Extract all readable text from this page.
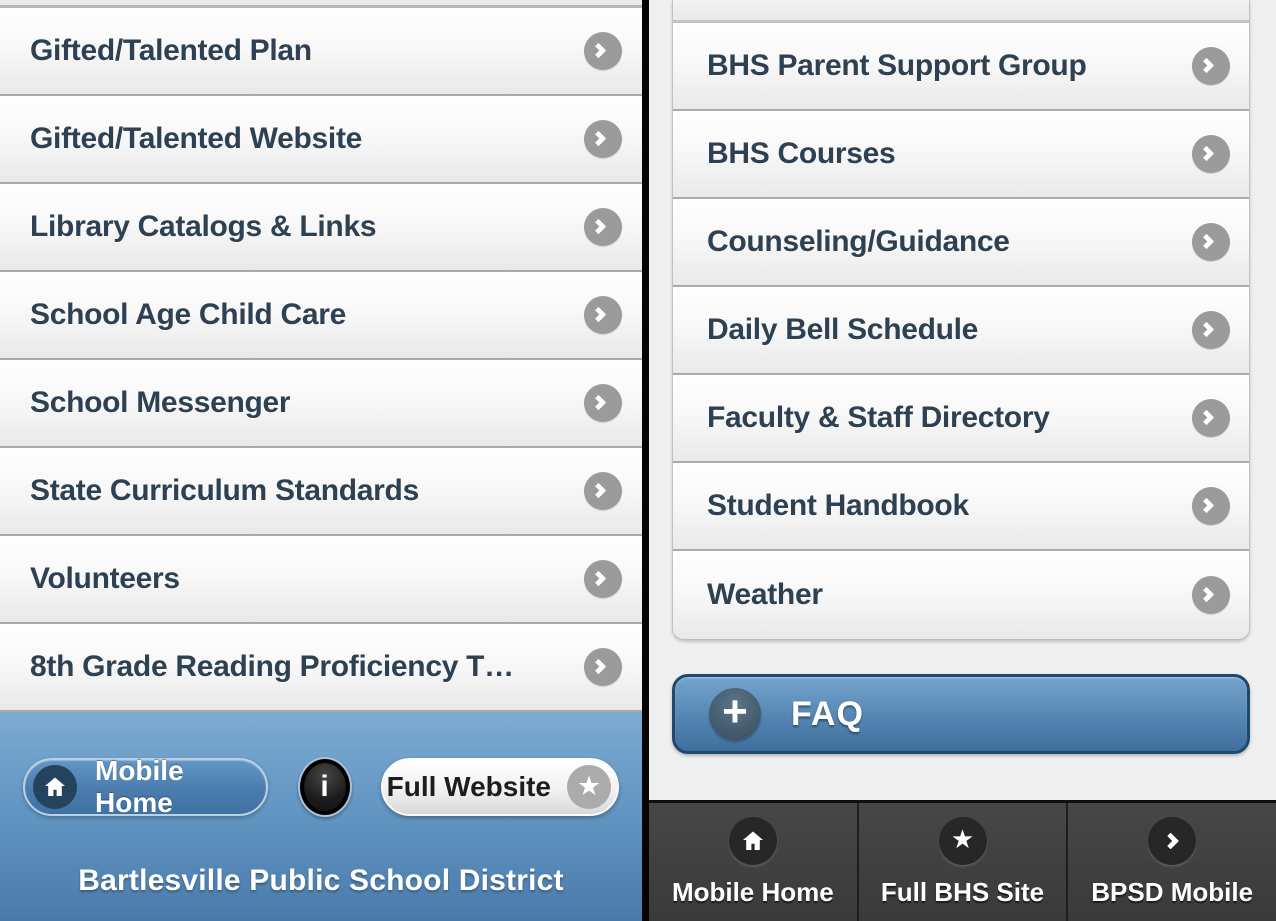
Gifted/Talented Plan
Gifted/Talented Website
Library Catalogs & Links
School Age Child Care
School Messenger
State Curriculum Standards
Volunteers
8th Grade Reading Proficiency T…
Mobile Home	i Full Website ★
Bartlesville Public School District
BHS Parent Support Group
BHS Courses
Counseling/Guidance
Daily Bell Schedule
Faculty & Staff Directory
Student Handbook
Weather
+	FAQ
Mobile Home
★
Full BHS Site BPSD Mobile
